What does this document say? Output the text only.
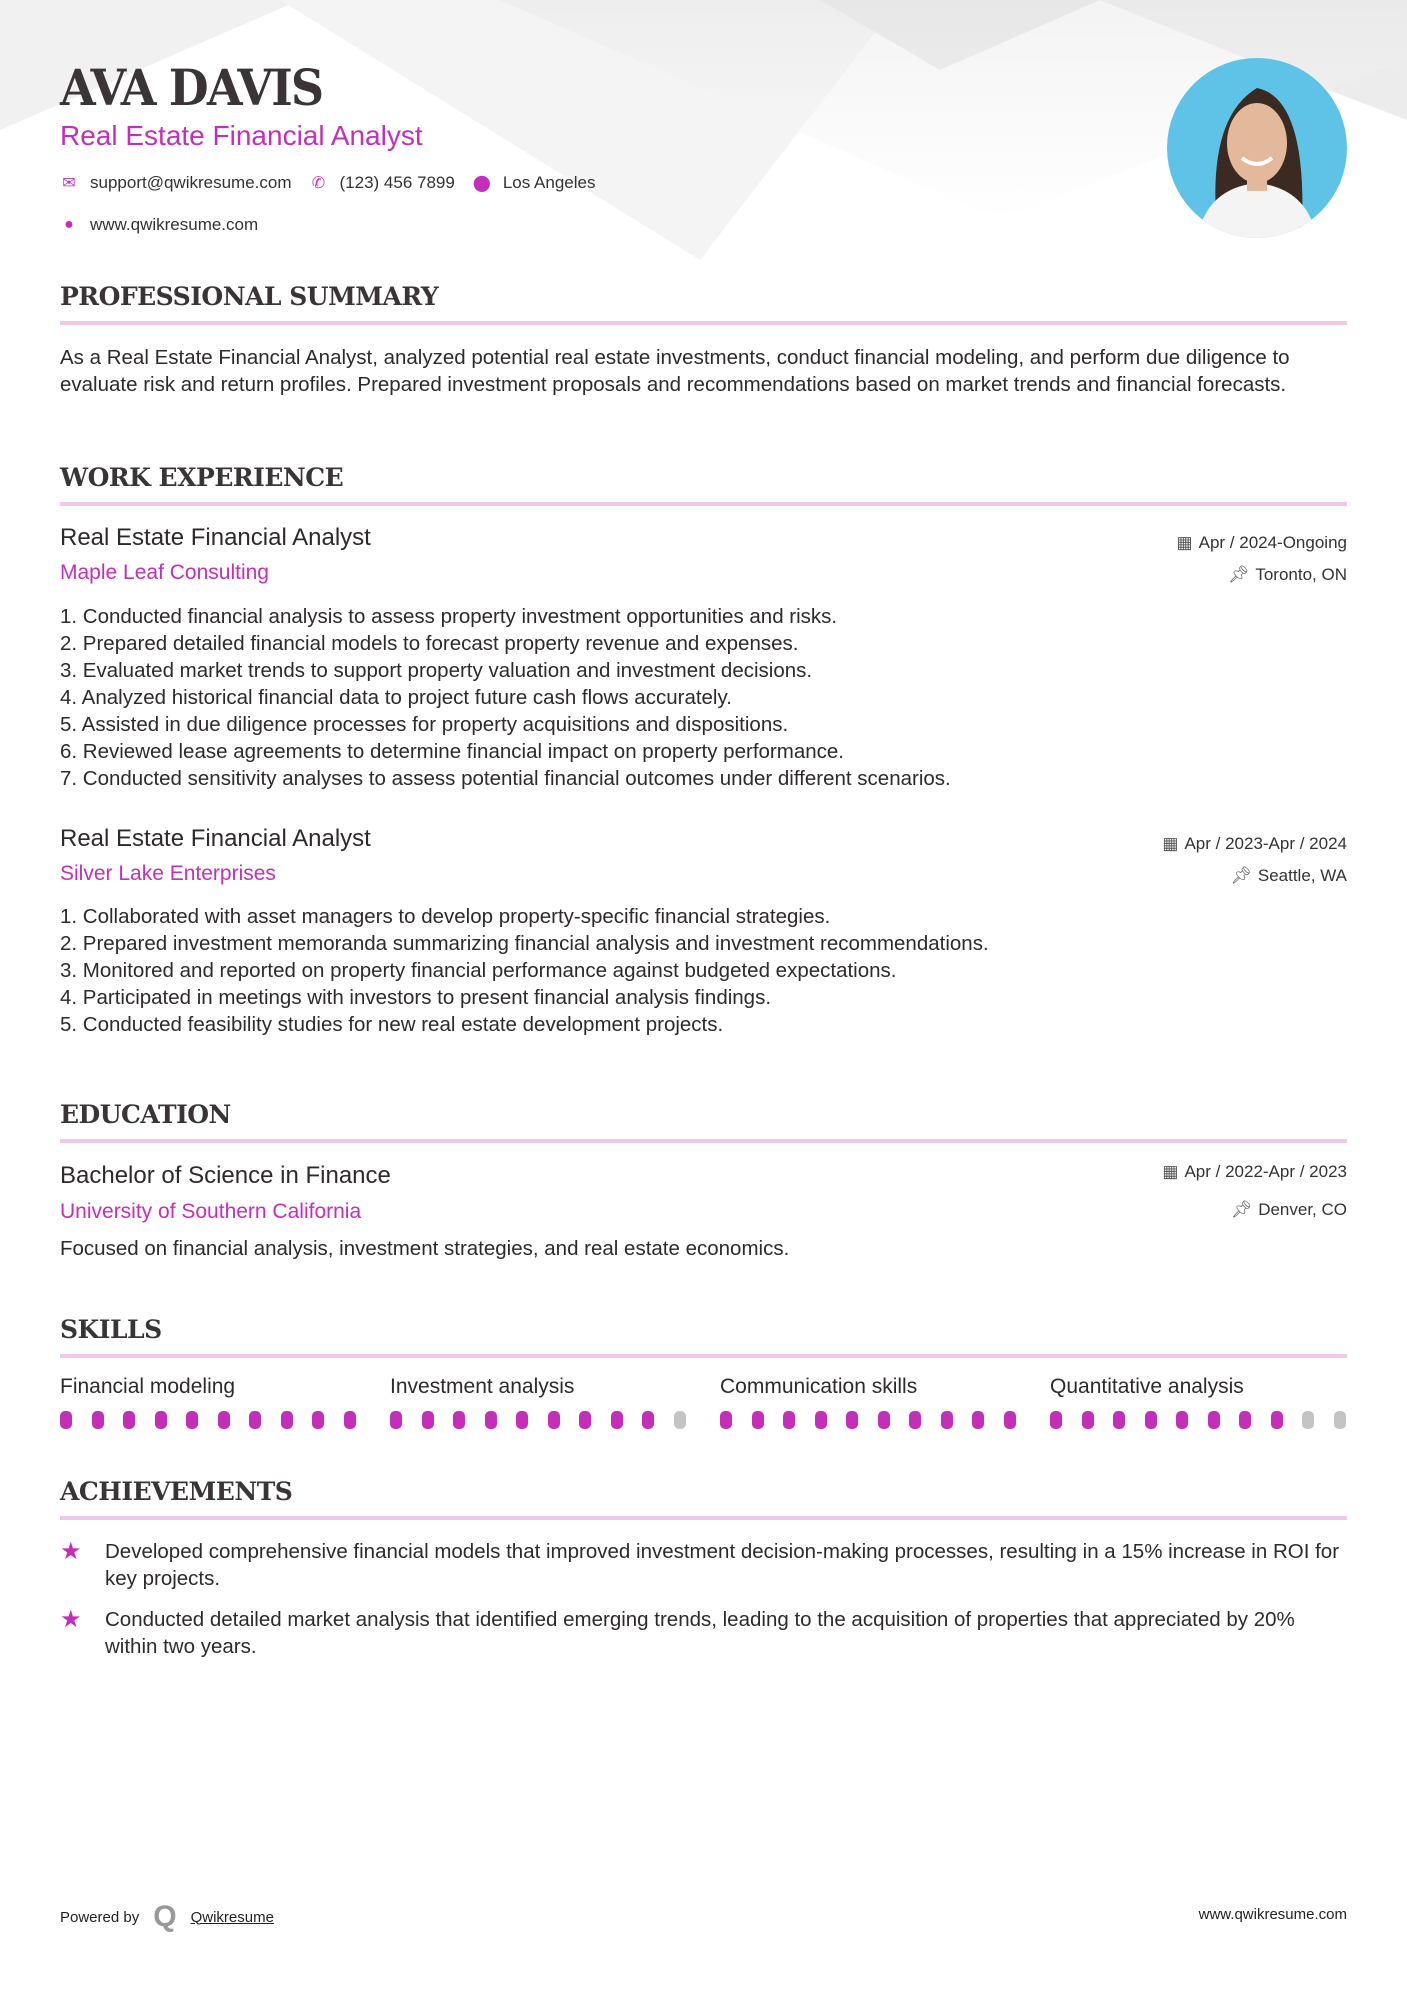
AVA DAVIS
Real Estate Financial Analyst
✉ support@qwikresume.com ✆ (123) 456 7899 ⬤ Los Angeles
● www.qwikresume.com
PROFESSIONAL SUMMARY
As a Real Estate Financial Analyst, analyzed potential real estate investments, conduct financial modeling, and perform due diligence to evaluate risk and return profiles. Prepared investment proposals and recommendations based on market trends and financial forecasts.
WORK EXPERIENCE
Real Estate Financial Analyst
Maple Leaf Consulting
▦ Apr / 2024-Ongoing
📌︎ Toronto, ON
1. Conducted financial analysis to assess property investment opportunities and risks.
2. Prepared detailed financial models to forecast property revenue and expenses.
3. Evaluated market trends to support property valuation and investment decisions.
4. Analyzed historical financial data to project future cash flows accurately.
5. Assisted in due diligence processes for property acquisitions and dispositions.
6. Reviewed lease agreements to determine financial impact on property performance.
7. Conducted sensitivity analyses to assess potential financial outcomes under different scenarios.
Real Estate Financial Analyst
Silver Lake Enterprises
▦ Apr / 2023-Apr / 2024
📌︎ Seattle, WA
1. Collaborated with asset managers to develop property-specific financial strategies.
2. Prepared investment memoranda summarizing financial analysis and investment recommendations.
3. Monitored and reported on property financial performance against budgeted expectations.
4. Participated in meetings with investors to present financial analysis findings.
5. Conducted feasibility studies for new real estate development projects.
EDUCATION
Bachelor of Science in Finance
University of Southern California
▦ Apr / 2022-Apr / 2023
📌︎ Denver, CO
Focused on financial analysis, investment strategies, and real estate economics.
SKILLS
Financial modeling	Investment analysis	Communication skills	Quantitative analysis
ACHIEVEMENTS
★	Developed comprehensive financial models that improved investment decision-making processes, resulting in a 15% increase in ROI for key projects.
★	Conducted detailed market analysis that identified emerging trends, leading to the acquisition of properties that appreciated by 20% within two years.
Powered by Q Qwikresume	www.qwikresume.com
